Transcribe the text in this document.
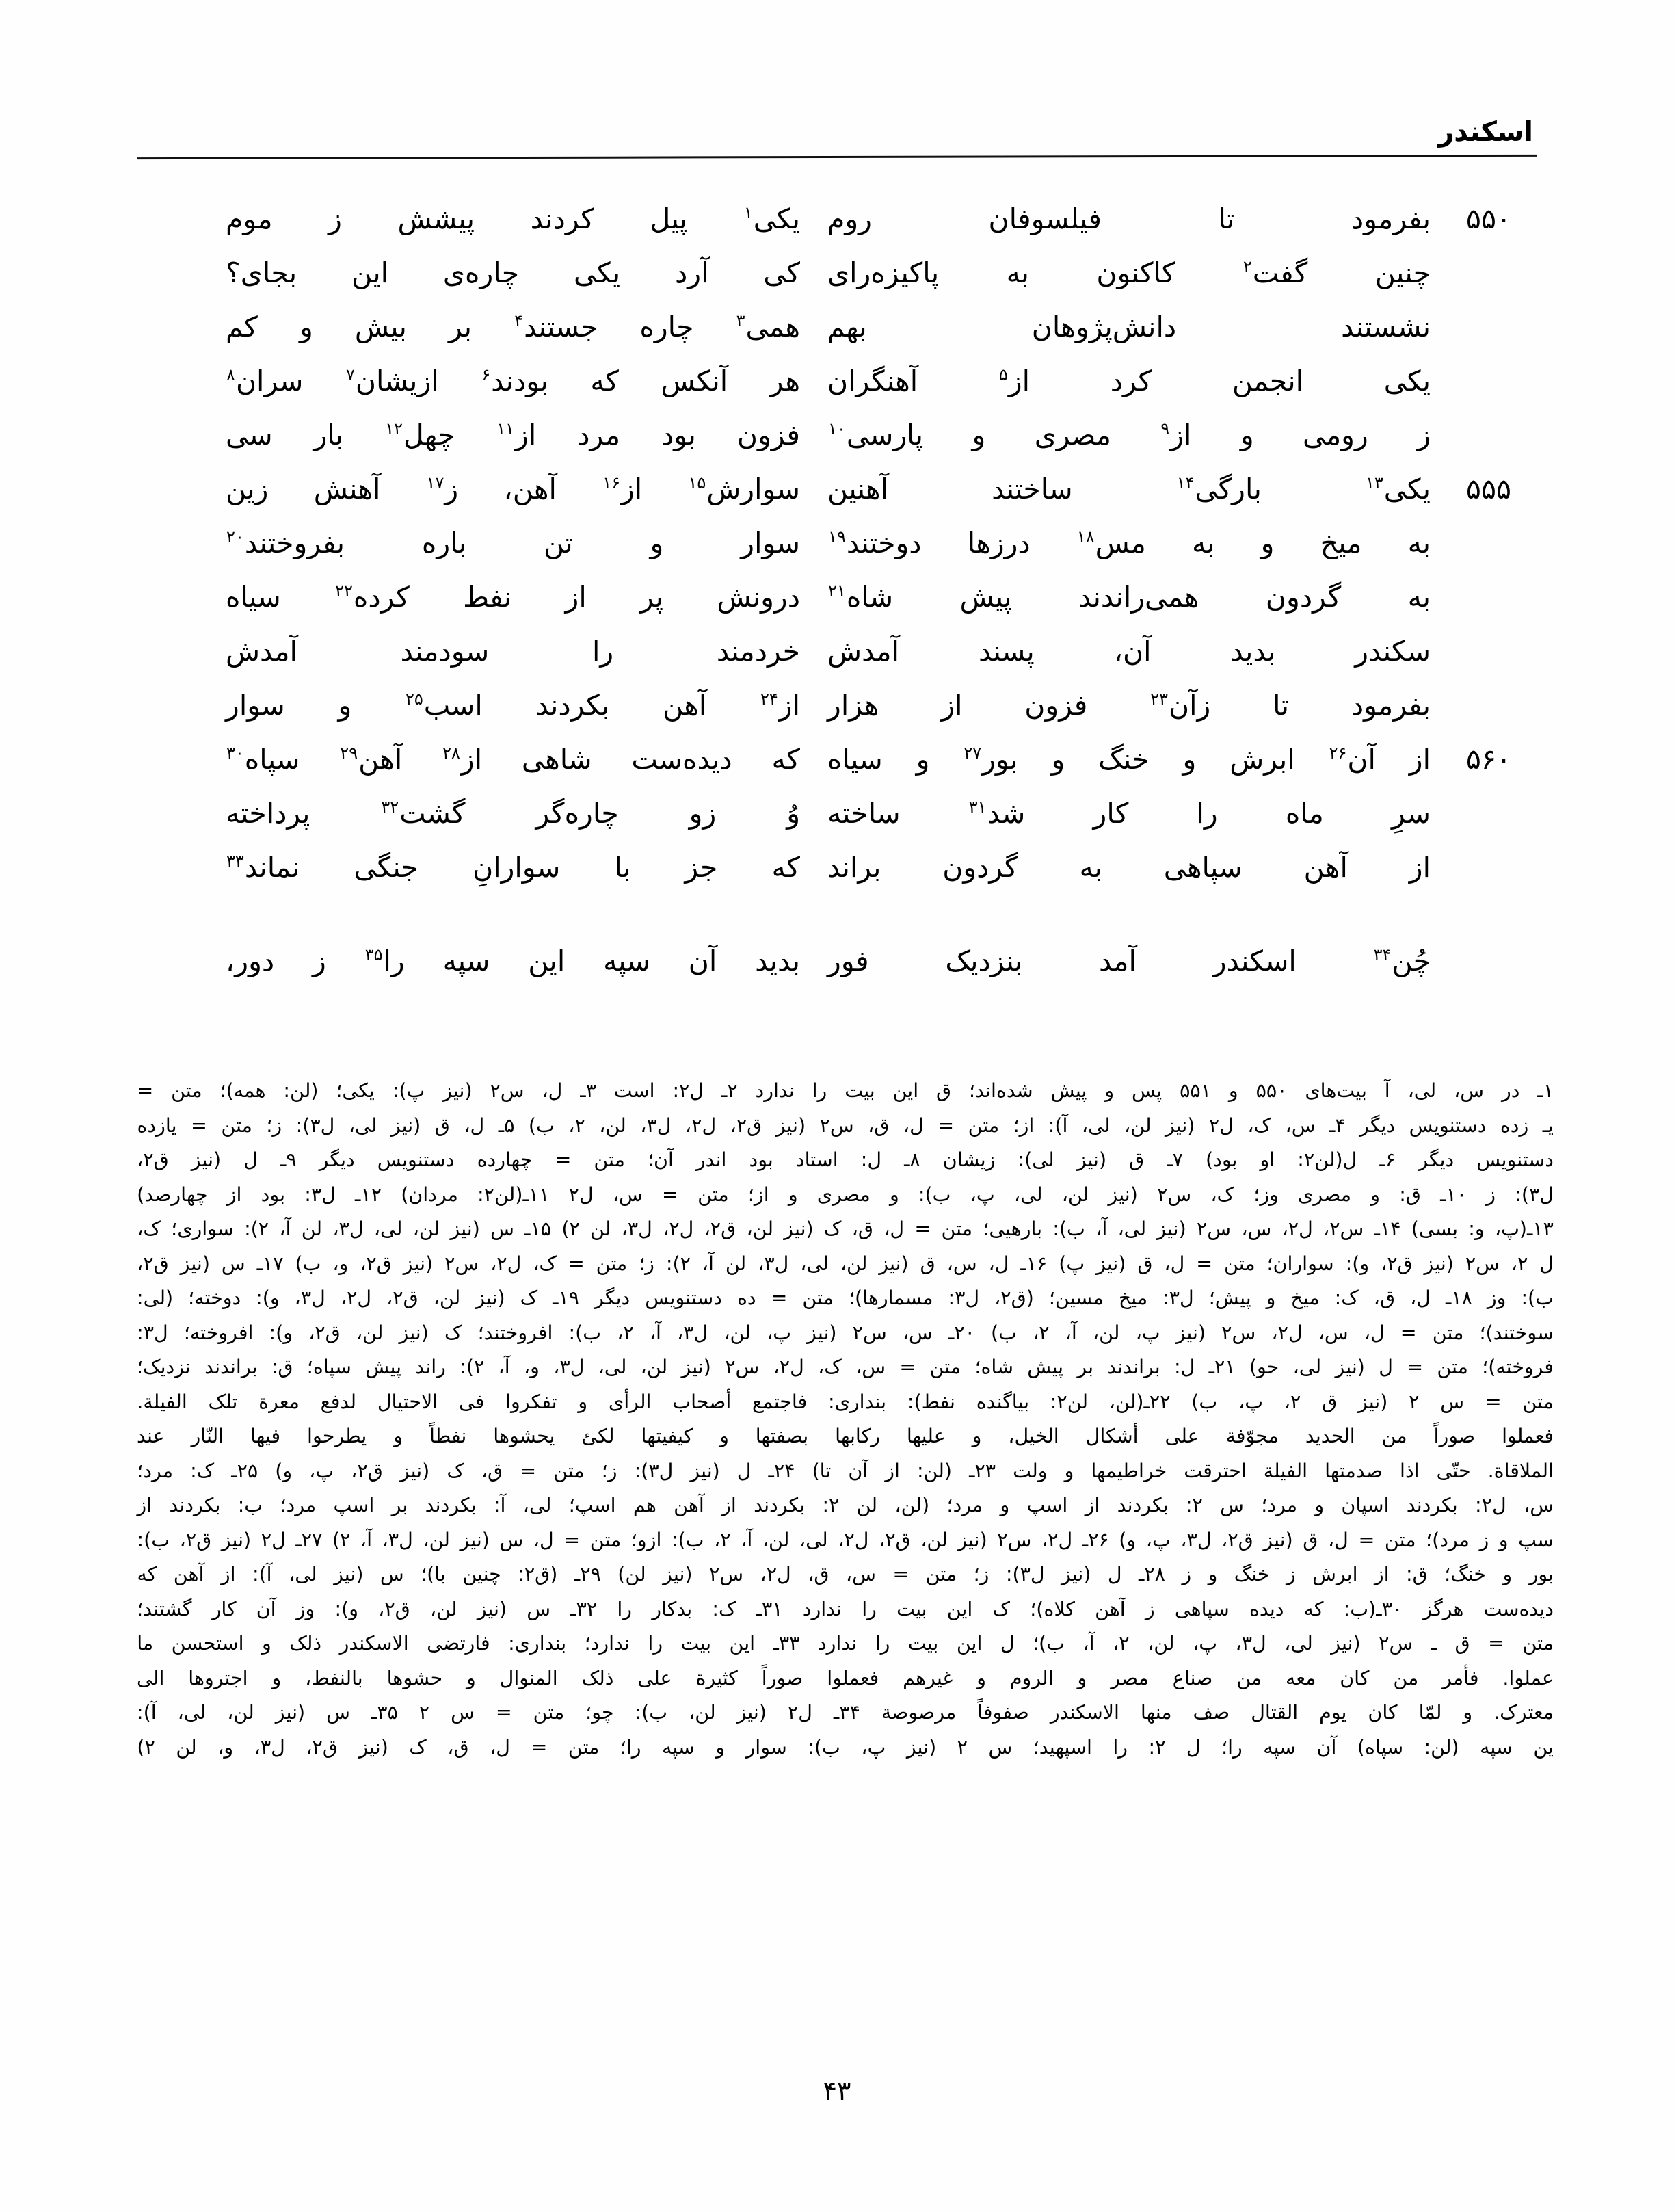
اسکندر
۵۵۰
بفرمود
تا
فیلسوفان
روم
یکی$^۱$
پیل
کردند
پیشش
ز
موم
چنین
گفت$^۲$
کاکنون
به
پاکیزه‌رای
کی
آرد
یکی
چاره‌ی
این
بجای؟
نشستند
دانش‌پژوهان
بهم
همی$^۳$
چاره
جستند$^۴$
بر
بیش
و
کم
یکی
انجمن
کرد
از$^۵$
آهنگران
هر
آنکس
که
بودند$^۶$
ازیشان$^۷$
سران$^۸$
ز
رومی
و
از$^۹$
مصری
و
پارسی$^{۱۰}$
فزون
بود
مرد
از$^{۱۱}$
چهل$^{۱۲}$
بار
سی
۵۵۵
یکی$^{۱۳}$
بارگی$^{۱۴}$
ساختند
آهنین
سوارش$^{۱۵}$
از$^{۱۶}$
آهن،
ز$^{۱۷}$
آهنش
زین
به
میخ
و
به
مس$^{۱۸}$
درزها
دوختند$^{۱۹}$
سوار
و
تن
باره
بفروختند$^{۲۰}$
به
گردون
همی‌راندند
پیش
شاه$^{۲۱}$
درونش
پر
از
نفط
کرده$^{۲۲}$
سیاه
سکندر
بدید
آن،
پسند
آمدش
خردمند
را
سودمند
آمدش
بفرمود
تا
زآن$^{۲۳}$
فزون
از
هزار
از$^{۲۴}$
آهن
بکردند
اسب$^{۲۵}$
و
سوار
۵۶۰
از
آن$^{۲۶}$
ابرش
و
خنگ
و
بور$^{۲۷}$
و
سیاه
که
دیده‌ست
شاهی
از$^{۲۸}$
آهن$^{۲۹}$
سپاه$^{۳۰}$
سرِ
ماه
را
کار
شد$^{۳۱}$
ساخته
وُ
زو
چاره‌گر
گشت$^{۳۲}$
پرداخته
از
آهن
سپاهی
به
گردون
براند
که
جز
با
سوارانِ
جنگی
نماند$^{۳۳}$
چُن$^{۳۴}$
اسکندر
آمد
بنزدیک
فور
بدید
آن
سپه
این
سپه
را$^{۳۵}$
ز
دور،
۱ـ
در
س،
لی،
آ
بیت‌های
۵۵۰
و
۵۵۱
پس
و
پیش
شده‌اند؛
ق
این
بیت
را
ندارد
۲ـ
ل۲:
است
۳ـ
ل،
س۲
(نیز
پ):
یکی؛
(لن:
همه)؛
متن
=
یـ
زده
دستنویس
دیگر
۴ـ
س،
ک،
ل۲
(نیز
لن،
لی،
آ):
از؛
متن
=
ل،
ق،
س۲
(نیز
ق۲،
ل۲،
ل۳،
لن،
۲،
ب)
۵ـ
ل،
ق
(نیز
لی،
ل۳):
ز؛
متن
=
یازده
دستنویس
دیگر
۶ـ
ل(لن۲:
او
بود)
۷ـ
ق
(نیز
لی):
زیشان
۸ـ
ل:
استاد
بود
اندر
آن؛
متن
=
چهارده
دستنویس
دیگر
۹ـ
ل
(نیز
ق۲،
ل۳):
ز
۱۰ـ
ق:
و
مصری
وز؛
ک،
س۲
(نیز
لن،
لی،
پ،
ب):
و
مصری
و
از؛
متن
=
س،
ل۲
۱۱ـ(لن۲:
مردان)
۱۲ـ
ل۳:
بود
از
چهارصد)
۱۳ـ(پ،
و:
بسی)
۱۴ـ
س۲،
ل۲،
س،
س۲
(نیز
لی،
آ،
ب):
بارهیی؛
متن
=
ل،
ق،
ک
(نیز
لن،
ق۲،
ل۲،
ل۳،
لن
۲)
۱۵ـ
س
(نیز
لن،
لی،
ل۳،
لن
آ،
۲):
سواری؛
ک،
ل
۲،
س۲
(نیز
ق۲،
و):
سواران؛
متن
=
ل،
ق
(نیز
پ)
۱۶ـ
ل،
س،
ق
(نیز
لن،
لی،
ل۳،
لن
آ،
۲):
ز؛
متن
=
ک،
ل۲،
س۲
(نیز
ق۲،
و،
ب)
۱۷ـ
س
(نیز
ق۲،
ب):
وز
۱۸ـ
ل،
ق،
ک:
میخ
و
پیش؛
ل۳:
میخ
مسین؛
(ق۲،
ل۳:
مسمارها)؛
متن
=
ده
دستنویس
دیگر
۱۹ـ
ک
(نیز
لن،
ق۲،
ل۲،
ل۳،
و):
دوخته؛
(لی:
سوختند)؛
متن
=
ل،
س،
ل۲،
س۲
(نیز
پ،
لن،
آ،
۲،
ب)
۲۰ـ
س،
س۲
(نیز
پ،
لن،
ل۳،
آ،
۲،
ب):
افروختند؛
ک
(نیز
لن،
ق۲،
و):
افروخته؛
ل۳:
فروخته)؛
متن
=
ل
(نیز
لی،
حو)
۲۱ـ
ل:
براندند
بر
پیش
شاه؛
متن
=
س،
ک،
ل۲،
س۲
(نیز
لن،
لی،
ل۳،
و،
آ،
۲):
راند
پیش
سپاه؛
ق:
براندند
نزدیک؛
متن
=
س
۲
(نیز
ق
۲،
پ،
ب)
۲۲ـ(لن،
لن۲:
بیاگنده
نفط):
بنداری:
فاجتمع
أصحاب
الرأی
و
تفکروا
فی
الاحتیال
لدفع
معرة
تلک
الفیلة.
فعملوا
صوراً
من
الحدید
مجوّفة
علی
أشکال
الخیل،
و
علیها
رکابها
بصفتها
و
کیفیتها
لکئ
یحشوها
نفطاً
و
یطرحوا
فیها
النّار
عند
الملاقاة.
حتّی
اذا
صدمتها
الفیلة
احترقت
خراطیمها
و
ولت
۲۳ـ
(لن:
از
آن
تا)
۲۴ـ
ل
(نیز
ل۳):
ز؛
متن
=
ق،
ک
(نیز
ق۲،
پ،
و)
۲۵ـ
ک:
مرد؛
س،
ل۲:
بکردند
اسپان
و
مرد؛
س
۲:
بکردند
از
اسپ
و
مرد؛
(لن،
لن
۲:
بکردند
از
آهن
هم
اسپ؛
لی،
آ:
بکردند
بر
اسپ
مرد؛
ب:
بکردند
از
سپ
و
ز
مرد)؛
متن
=
ل،
ق
(نیز
ق۲،
ل۳،
پ،
و)
۲۶ـ
ل۲،
س۲
(نیز
لن،
ق۲،
ل۲،
لی،
لن،
آ،
۲،
ب):
ازو؛
متن
=
ل،
س
(نیز
لن،
ل۳،
آ،
۲)
۲۷ـ
ل۲
(نیز
ق۲،
ب):
بور
و
خنگ؛
ق:
از
ابرش
ز
خنگ
و
ز
۲۸ـ
ل
(نیز
ل۳):
ز؛
متن
=
س،
ق،
ل۲،
س۲
(نیز
لن)
۲۹ـ
(ق۲:
چنین
با)؛
س
(نیز
لی،
آ):
از
آهن
که
دیده‌ست
هرگز
۳۰ـ(ب:
که
دیده
سپاهی
ز
آهن
کلاه)؛
ک
این
بیت
را
ندارد
۳۱ـ
ک:
بدکار
را
۳۲ـ
س
(نیز
لن،
ق۲،
و):
وز
آن
کار
گشتند؛
متن
=
ق
ـ
س۲
(نیز
لی،
ل۳،
پ،
لن،
۲،
آ،
ب)؛
ل
این
بیت
را
ندارد
۳۳ـ
این
بیت
را
ندارد؛
بنداری:
فارتضی
الاسکندر
ذلک
و
استحسن
ما
عملوا.
فأمر
من
کان
معه
من
صناع
مصر
و
الروم
و
غیرهم
فعملوا
صوراً
کثیرة
علی
ذلک
المنوال
و
حشوها
بالنفط،
و
اجتروها
الی
معترک.
و
لمّا
کان
یوم
القتال
صف
منها
الاسکندر
صفوفاً
مرصوصة
۳۴ـ
ل۲
(نیز
لن،
ب):
چو؛
متن
=
س
۲
۳۵ـ
س
(نیز
لن،
لی،
آ):
ین
سپه
(لن:
سپاه)
آن
سپه
را؛
ل
۲:
را
اسپهید؛
س
۲
(نیز
پ،
ب):
سوار
و
سپه
را؛
متن
=
ل،
ق،
ک
(نیز
ق۲،
ل۳،
و،
لن
۲)
۴۳
